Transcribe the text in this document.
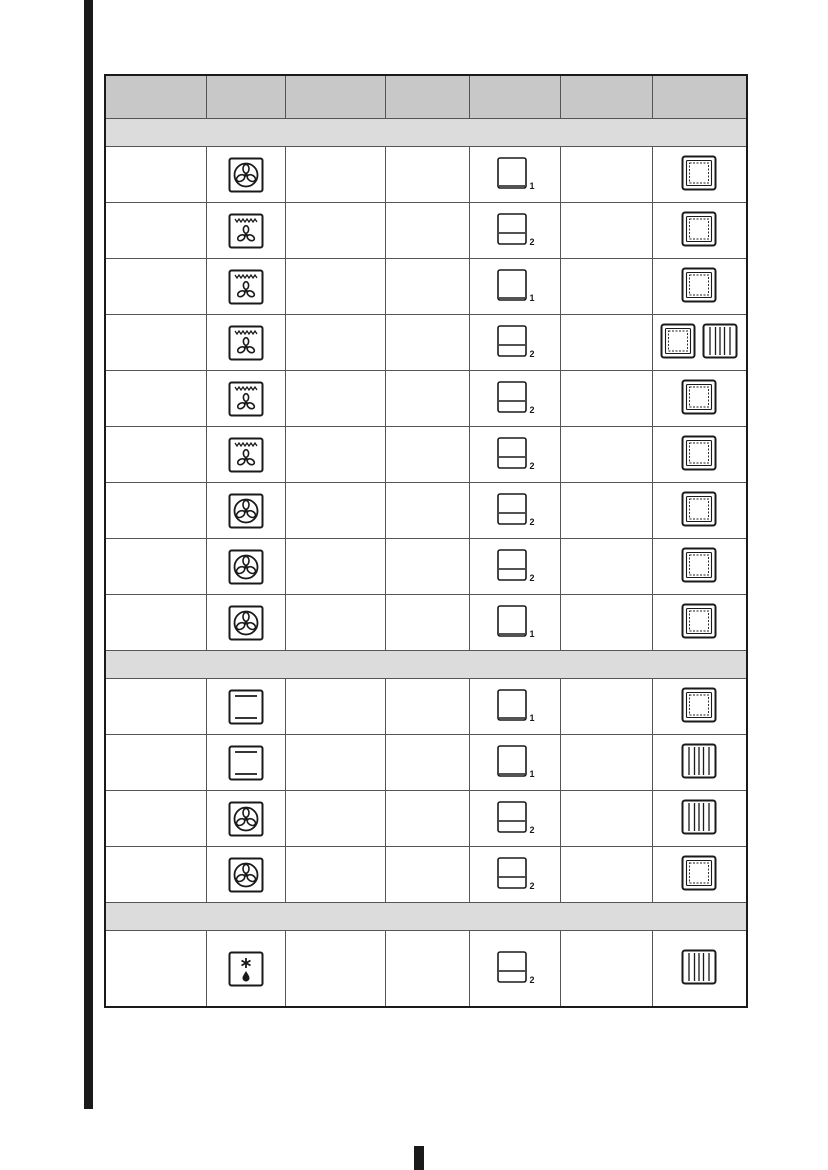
1

2

1

2

2

2

2

2

1

1

1

2

2

2
